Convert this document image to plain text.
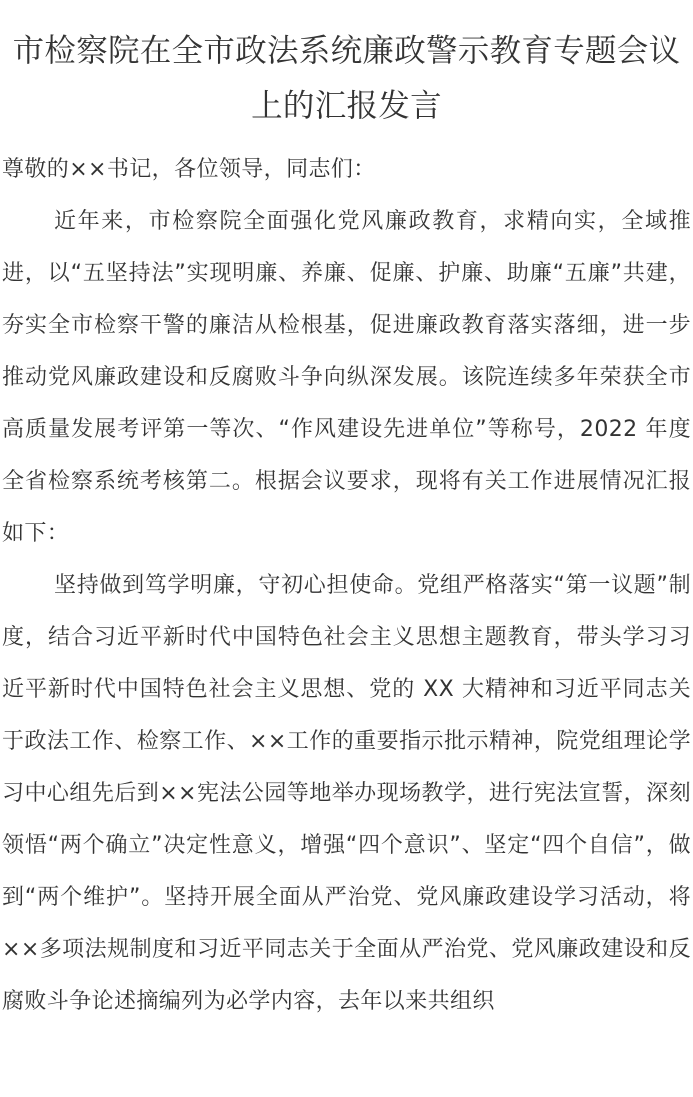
市检察院在全市政法系统廉政警示教育专题会议上的汇报发言

尊敬的××书记，各位领导，同志们：

近年来，市检察院全面强化党风廉政教育，求精向实，全域推进，以“五坚持法”实现明廉、养廉、促廉、护廉、助廉“五廉”共建，夯实全市检察干警的廉洁从检根基，促进廉政教育落实落细，进一步推动党风廉政建设和反腐败斗争向纵深发展。该院连续多年荣获全市高质量发展考评第一等次、“作风建设先进单位”等称号，2022 年度全省检察系统考核第二。根据会议要求，现将有关工作进展情况汇报如下：

坚持做到笃学明廉，守初心担使命。党组严格落实“第一议题”制度，结合习近平新时代中国特色社会主义思想主题教育，带头学习习近平新时代中国特色社会主义思想、党的 XX 大精神和习近平同志关于政法工作、检察工作、××工作的重要指示批示精神，院党组理论学习中心组先后到××宪法公园等地举办现场教学，进行宪法宣誓，深刻领悟“两个确立”决定性意义，增强“四个意识”、坚定“四个自信”，做到“两个维护”。坚持开展全面从严治党、党风廉政建设学习活动，将××多项法规制度和习近平同志关于全面从严治党、党风廉政建设和反腐败斗争论述摘编列为必学内容，去年以来共组织
